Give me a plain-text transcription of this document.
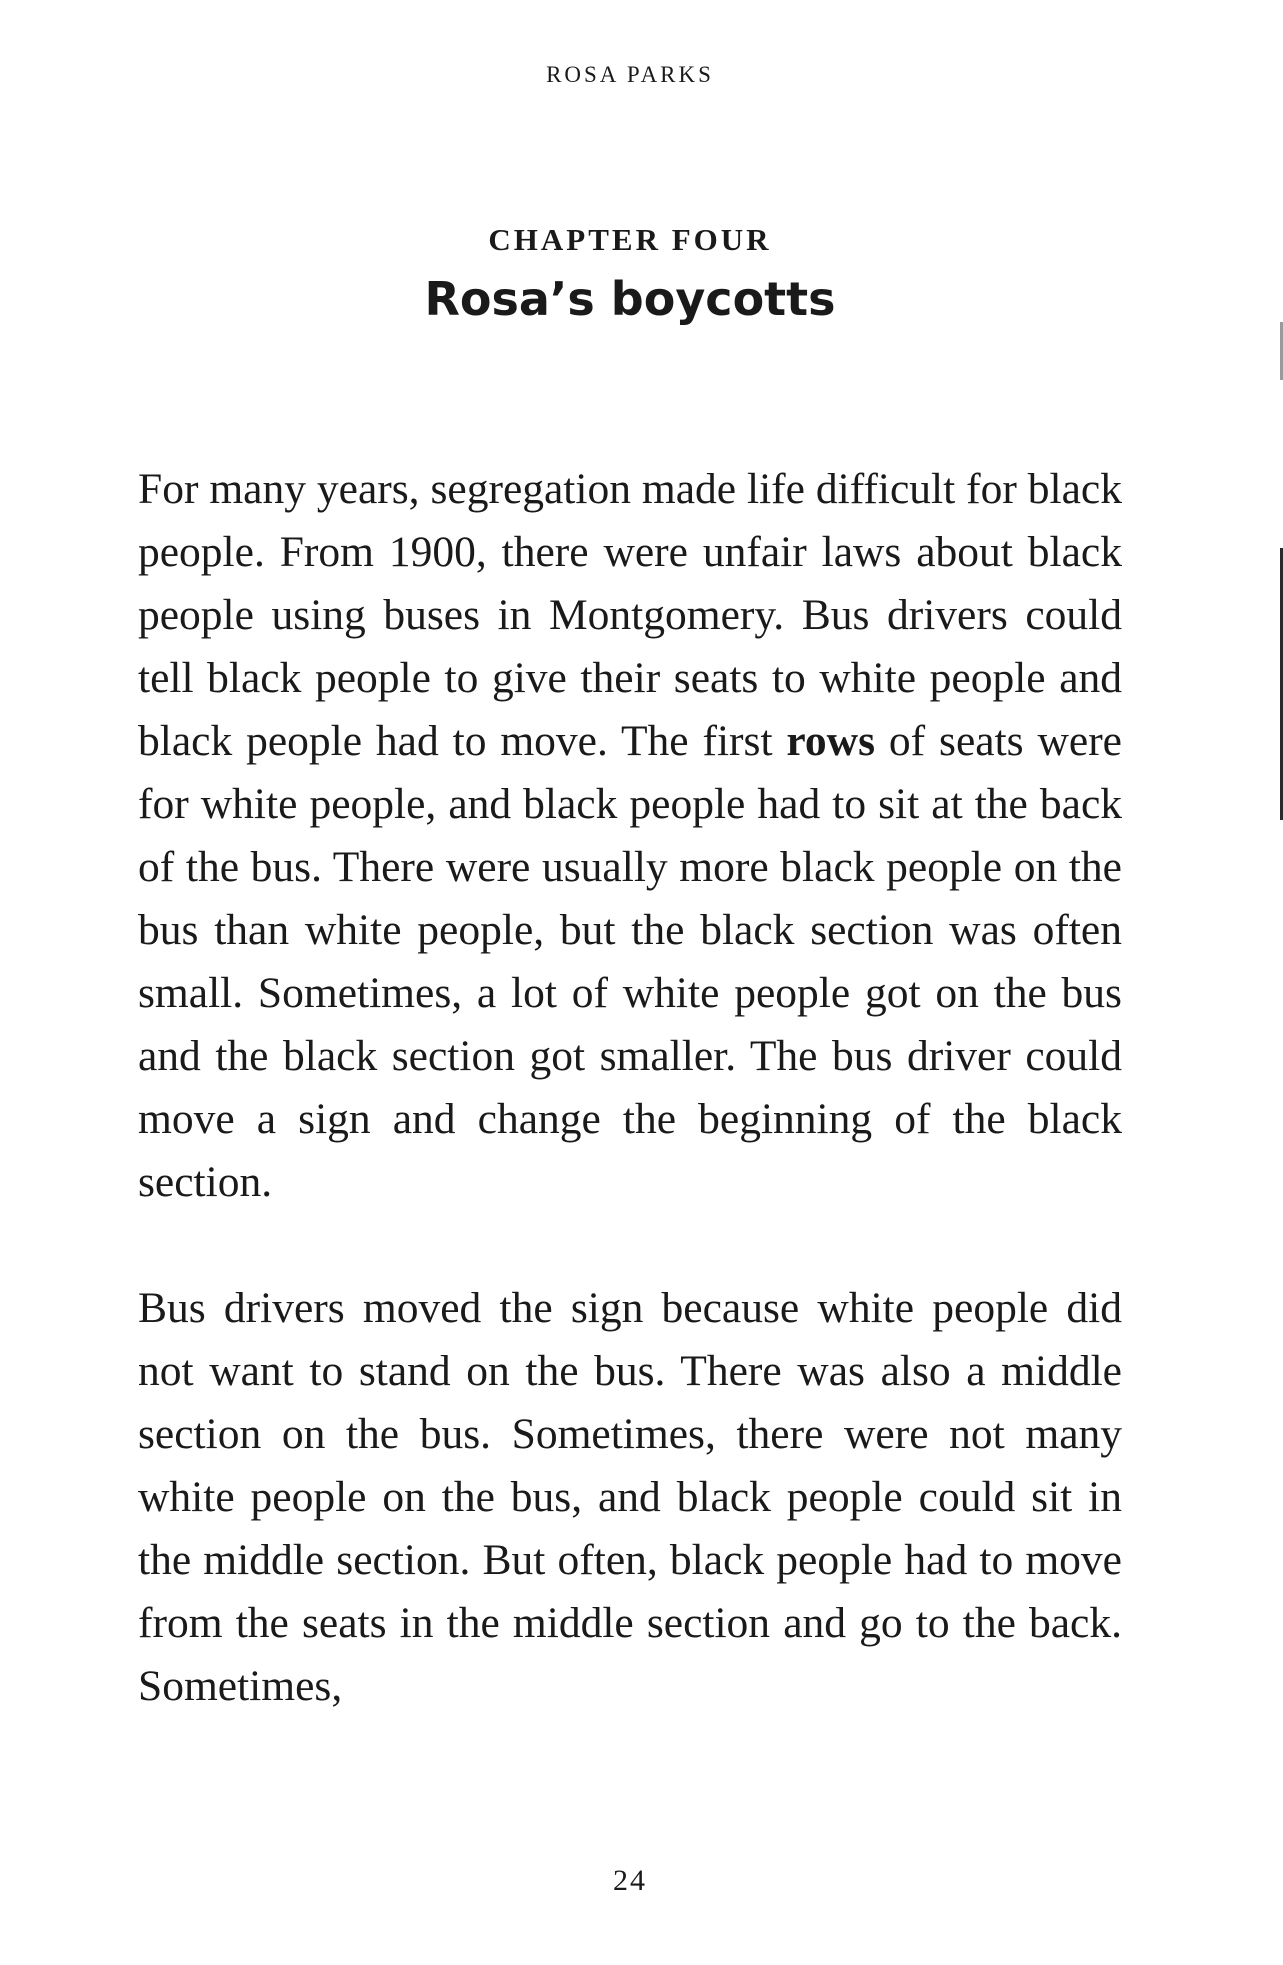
ROSA PARKS
CHAPTER FOUR
Rosa’s boycotts

For many years, segregation made life difficult for black people. From 1900, there were unfair laws about black people using buses in Montgomery. Bus drivers could tell black people to give their seats to white people and black people had to move. The first rows of seats were for white people, and black people had to sit at the back of the bus. There were usually more black people on the bus than white people, but the black section was often small. Sometimes, a lot of white people got on the bus and the black section got smaller. The bus driver could move a sign and change the beginning of the black section.

Bus drivers moved the sign because white people did not want to stand on the bus. There was also a middle section on the bus. Sometimes, there were not many white people on the bus, and black people could sit in the middle section. But often, black people had to move from the seats in the middle section and go to the back. Sometimes,

24
